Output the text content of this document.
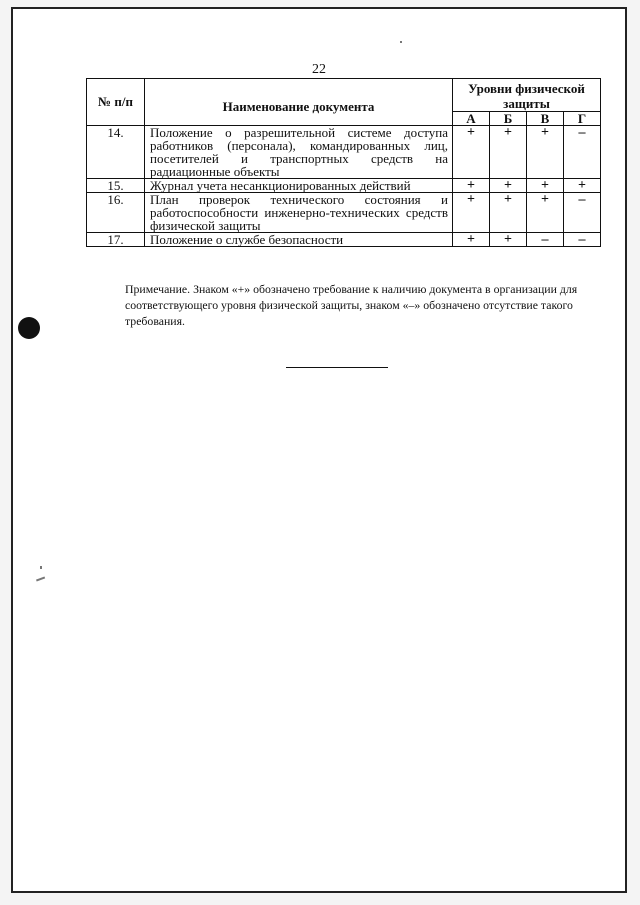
22
№ п/п	Наименование документа	Уровни физической защиты			
		А	Б	В	Г
14.	Положение о разрешительной системе доступа
работников (персонала), командированных лиц,
посетителей и транспортных средств на
радиационные объекты	+	+	+	–
15.	Журнал учета несанкционированных действий	+	+	+	+
16.	План проверок технического состояния и
работоспособности инженерно-технических средств
физической защиты	+	+	+	–
17.	Положение о службе безопасности	+	+	–	–
Примечание. Знаком «+» обозначено требование к наличию документа в организации для соответствующего уровня физической защиты, знаком «–» обозначено отсутствие такого требования.
